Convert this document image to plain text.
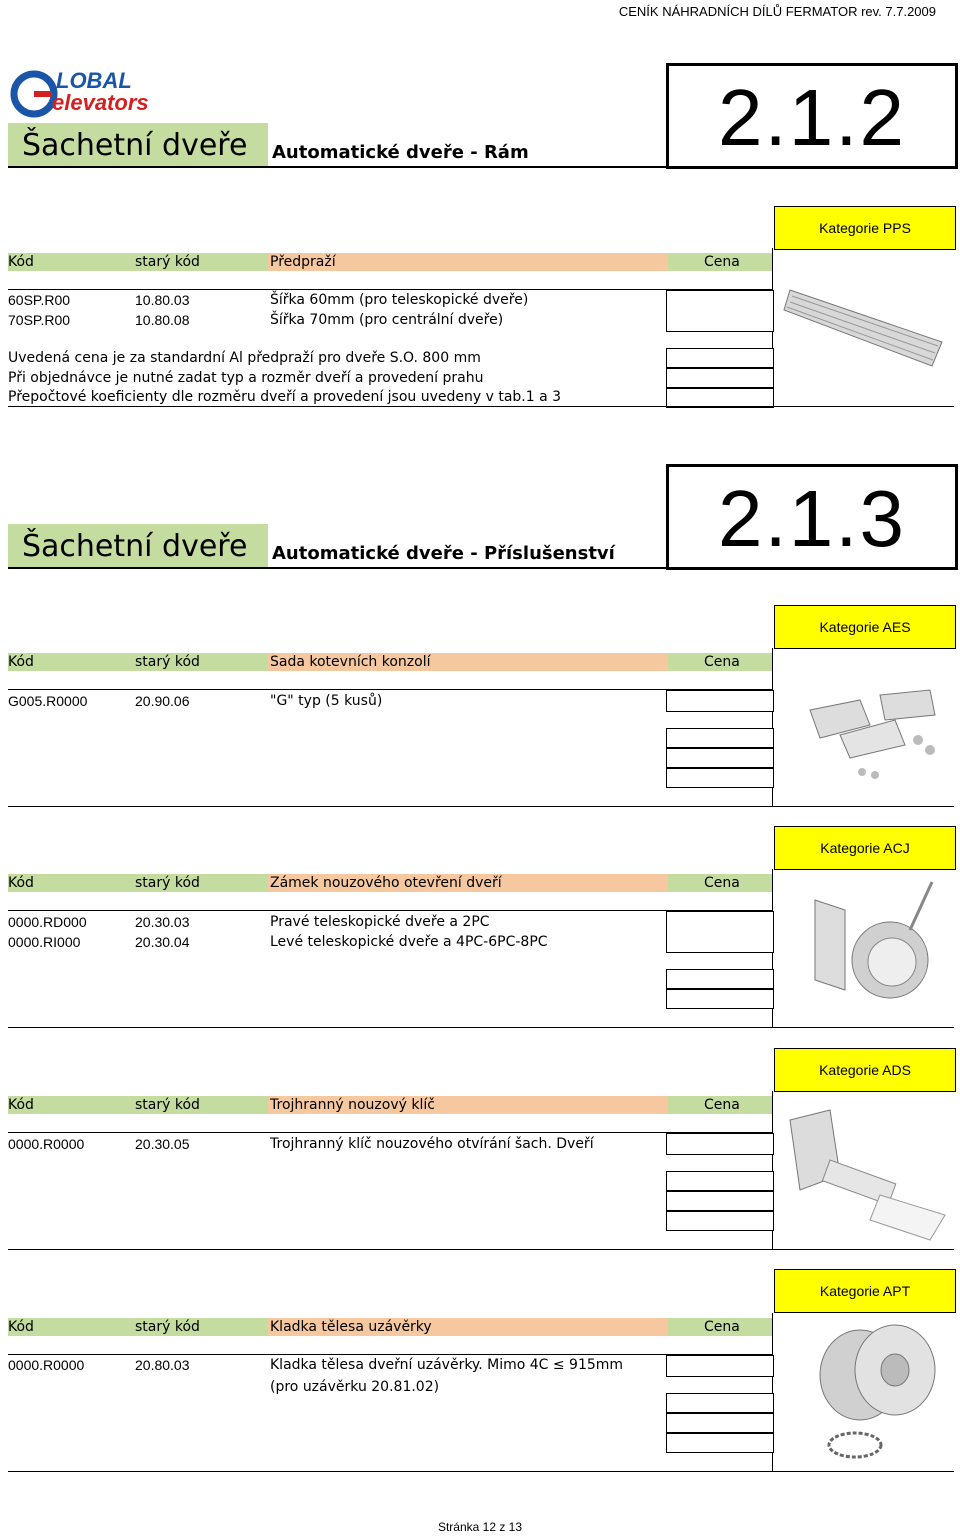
CENÍK NÁHRADNÍCH DÍLŮ FERMATOR rev. 7.7.2009
LOBAL
elevators
Šachetní dveře	Automatické dveře - Rám	2.1.2
Kategorie PPS
Kód	starý kód	Předpraží	Cena
60SP.R00	10.80.03	Šířka 60mm (pro teleskopické dveře)
70SP.R00	10.80.08	Šířka 70mm (pro centrální dveře)
Uvedená cena je za standardní Al předpraží pro dveře S.O. 800 mm
Při objednávce je nutné zadat typ a rozměr dveří a provedení prahu
Přepočtové koeficienty dle rozměru dveří a provedení jsou uvedeny v tab.1 a 3
Šachetní dveře	Automatické dveře - Příslušenství	2.1.3
Kategorie AES
Kód	starý kód	Sada kotevních konzolí	Cena
G005.R0000	20.90.06	"G" typ (5 kusů)
Kategorie ACJ
Kód	starý kód	Zámek nouzového otevření dveří	Cena
0000.RD000	20.30.03	Pravé teleskopické dveře a 2PC
0000.RI000	20.30.04	Levé teleskopické dveře a 4PC-6PC-8PC
Kategorie ADS
Kód	starý kód	Trojhranný nouzový klíč	Cena
0000.R0000	20.30.05	Trojhranný klíč nouzového otvírání šach. Dveří
Kategorie APT
Kód	starý kód	Kladka tělesa uzávěrky	Cena
0000.R0000	20.80.03	Kladka tělesa dveřní uzávěrky. Mimo 4C ≤ 915mm
(pro uzávěrku 20.81.02)
Stránka 12 z 13
